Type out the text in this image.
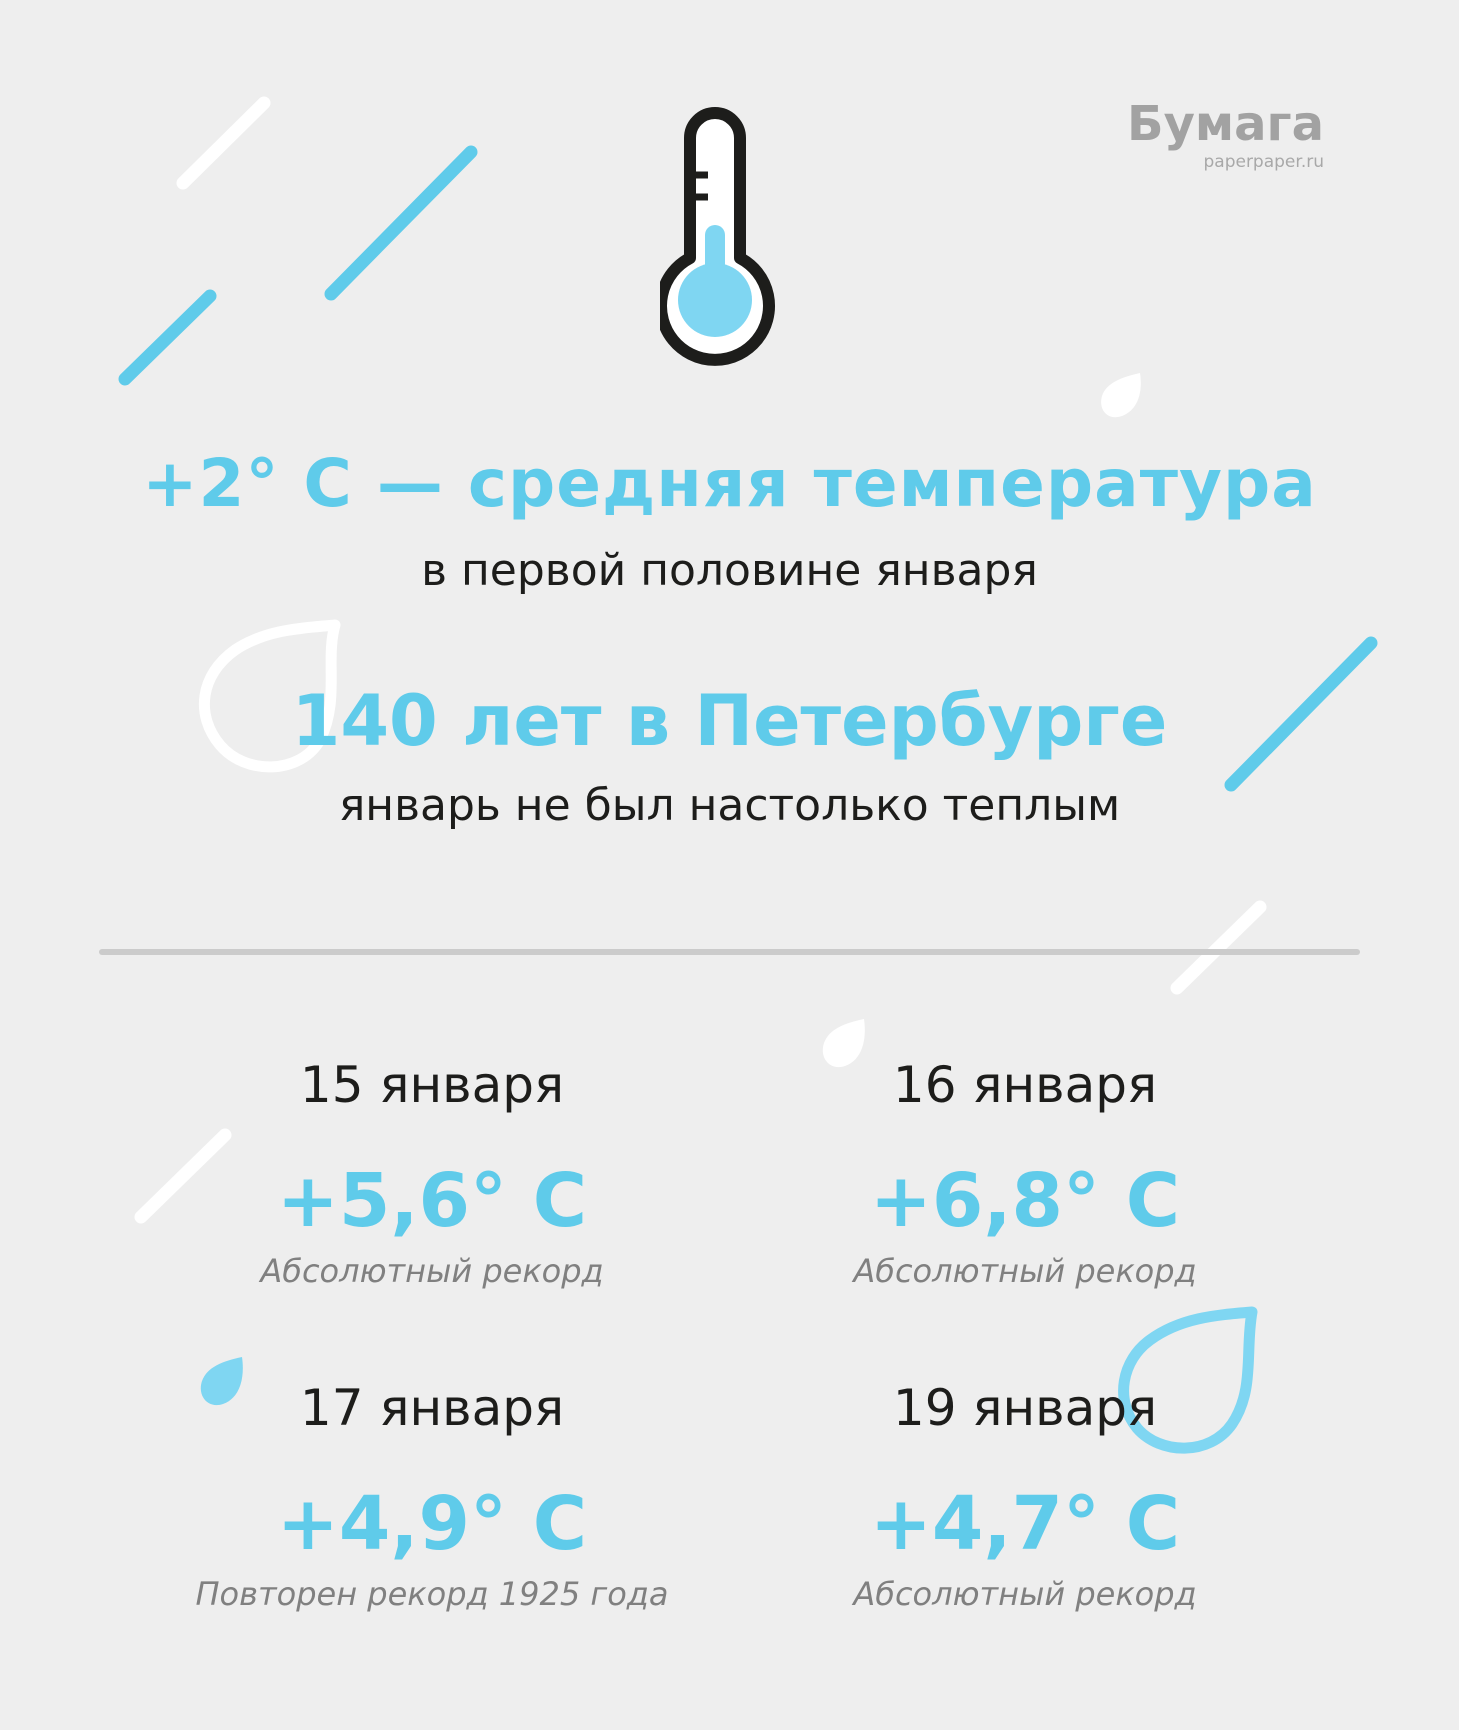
Бумага
paperpaper.ru
+2° С — средняя температура
в первой половине января
140 лет в Петербурге
январь не был настолько теплым
15 января
+5,6° С
Абсолютный рекорд
16 января
+6,8° С
Абсолютный рекорд
17 января
+4,9° С
Повторен рекорд 1925 года
19 января
+4,7° С
Абсолютный рекорд
